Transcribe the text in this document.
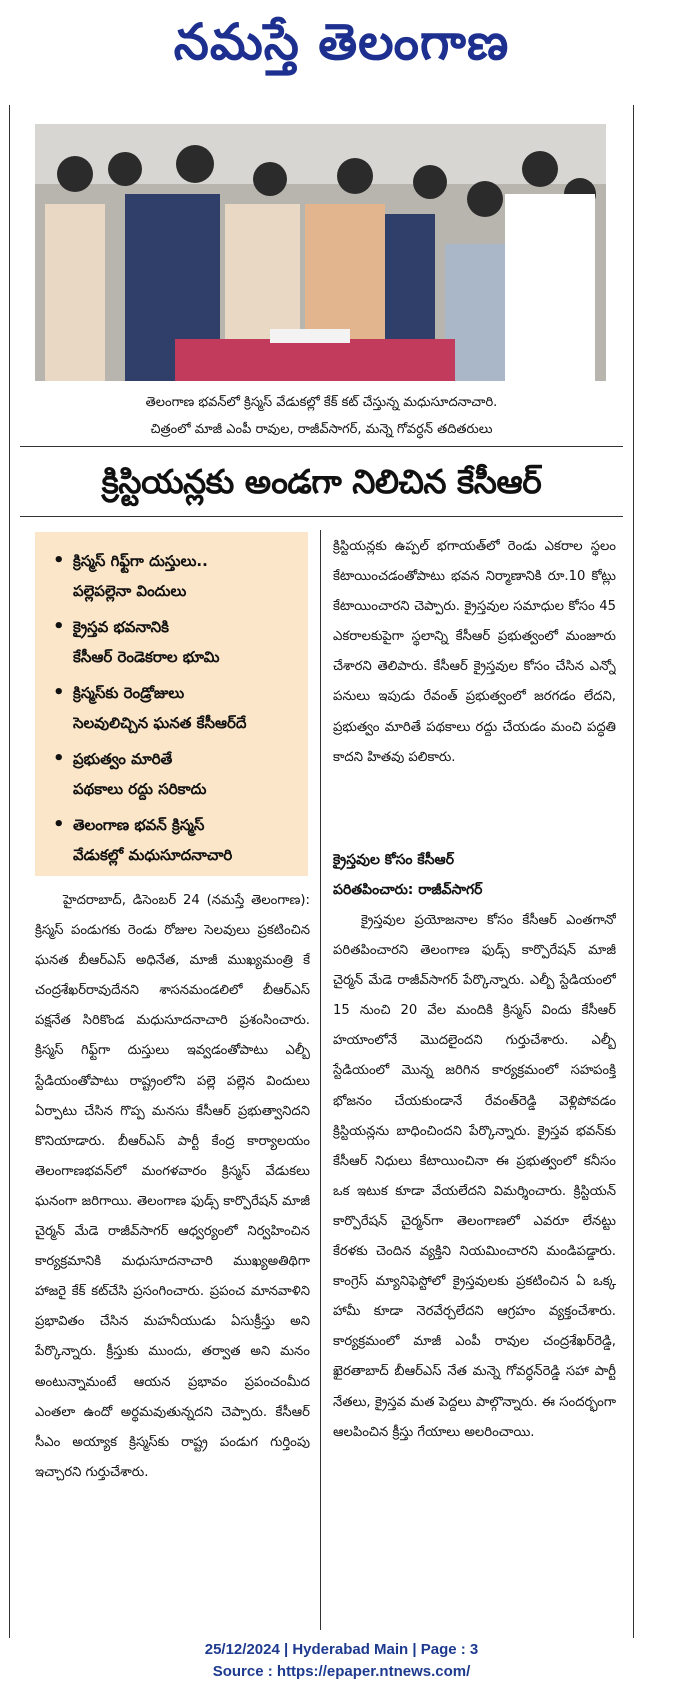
నమస్తే తెలంగాణ
తెలంగాణ భవన్‌లో క్రిస్మస్ వేడుకల్లో కేక్ కట్ చేస్తున్న మధుసూదనాచారి.
చిత్రంలో మాజీ ఎంపీ రావుల, రాజీవ్‌సాగర్, మన్నె గోవర్ధన్ తదితరులు
క్రిస్టియన్లకు అండగా నిలిచిన కేసీఆర్
• క్రిస్మస్ గిఫ్ట్‌గా దుస్తులు..
పల్లెపల్లెనా విందులు
• క్రైస్తవ భవనానికి
కేసీఆర్ రెండెకరాల భూమి
• క్రిస్మస్‌కు రెండ్రోజులు
సెలవులిచ్చిన ఘనత కేసీఆర్‌దే
• ప్రభుత్వం మారితే
పథకాలు రద్దు సరికాదు
• తెలంగాణ భవన్ క్రిస్మస్
వేడుకల్లో మధుసూదనాచారి

హైదరాబాద్, డిసెంబర్ 24 (నమస్తే తెలంగాణ): క్రిస్మస్ పండుగకు రెండు రోజుల సెలవులు ప్రకటించిన ఘనత బీఆర్‌ఎస్ అధినేత, మాజీ ముఖ్యమంత్రి కే చంద్రశేఖర్‌రావుదేనని శాసనమండలిలో బీఆర్‌ఎస్ పక్షనేత సిరికొండ మధుసూదనాచారి ప్రశంసించారు. క్రిస్మస్ గిఫ్ట్‌గా దుస్తులు ఇవ్వడంతోపాటు ఎల్బీ స్టేడియంతోపాటు రాష్ట్రంలోని పల్లె పల్లెన విందులు ఏర్పాటు చేసిన గొప్ప మనసు కేసీఆర్ ప్రభుత్వానిదని కొనియాడారు. బీఆర్‌ఎస్ పార్టీ కేంద్ర కార్యాలయం తెలంగాణభవన్‌లో మంగళవారం క్రిస్మస్ వేడుకలు ఘనంగా జరిగాయి. తెలంగాణ ఫుడ్స్ కార్పొరేషన్ మాజీ చైర్మన్ మేడె రాజీవ్‌సాగర్ ఆధ్వర్యంలో నిర్వహించిన కార్యక్రమానికి మధుసూదనాచారి ముఖ్యఅతిథిగా హాజరై కేక్ కట్‌చేసి ప్రసంగించారు. ప్రపంచ మానవాళిని ప్రభావితం చేసిన మహనీయుడు ఏసుక్రీస్తు అని పేర్కొన్నారు. క్రీస్తుకు ముందు, తర్వాత అని మనం అంటున్నామంటే ఆయన ప్రభావం ప్రపంచంమీద ఎంతలా ఉందో అర్థమవుతున్నదని చెప్పారు. కేసీఆర్ సీఎం అయ్యాక క్రిస్మస్‌కు రాష్ట్ర పండుగ గుర్తింపు ఇచ్చారని గుర్తుచేశారు.

క్రిస్టియన్లకు ఉప్పల్ భగాయత్‌లో రెండు ఎకరాల స్థలం కేటాయించడంతోపాటు భవన నిర్మాణానికి రూ.10 కోట్లు కేటాయించారని చెప్పారు. క్రైస్తవుల సమాధుల కోసం 45 ఎకరాలకుపైగా స్థలాన్ని కేసీఆర్ ప్రభుత్వంలో మంజూరు చేశారని తెలిపారు. కేసీఆర్ క్రైస్తవుల కోసం చేసిన ఎన్నో పనులు ఇపుడు రేవంత్ ప్రభుత్వంలో జరగడం లేదని, ప్రభుత్వం మారితే పథకాలు రద్దు చేయడం మంచి పద్ధతి కాదని హితవు పలికారు.

క్రైస్తవుల కోసం కేసీఆర్
పరితపించారు: రాజీవ్‌సాగర్

క్రైస్తవుల ప్రయోజనాల కోసం కేసీఆర్ ఎంతగానో పరితపించారని తెలంగాణ ఫుడ్స్ కార్పొరేషన్ మాజీ చైర్మన్ మేడె రాజీవ్‌సాగర్ పేర్కొన్నారు. ఎల్బీ స్టేడియంలో 15 నుంచి 20 వేల మందికి క్రిస్మస్ విందు కేసీఆర్ హయాంలోనే మొదలైందని గుర్తుచేశారు. ఎల్బీ స్టేడియంలో మొన్న జరిగిన కార్యక్రమంలో సహపంక్తి భోజనం చేయకుండానే రేవంత్‌రెడ్డి వెళ్లిపోవడం క్రిస్టియన్లను బాధించిందని పేర్కొన్నారు. క్రైస్తవ భవన్‌కు కేసీఆర్ నిధులు కేటాయించినా ఈ ప్రభుత్వంలో కనీసం ఒక ఇటుక కూడా వేయలేదని విమర్శించారు. క్రిస్టియన్ కార్పొరేషన్ చైర్మన్‌గా తెలంగాణలో ఎవరూ లేనట్టు కేరళకు చెందిన వ్యక్తిని నియమించారని మండిపడ్డారు. కాంగ్రెస్ మ్యానిఫెస్టోలో క్రైస్తవులకు ప్రకటించిన ఏ ఒక్క హామీ కూడా నెరవేర్చలేదని ఆగ్రహం వ్యక్తంచేశారు. కార్యక్రమంలో మాజీ ఎంపీ రావుల చంద్రశేఖర్‌రెడ్డి, ఖైరతాబాద్ బీఆర్‌ఎస్ నేత మన్నె గోవర్ధన్‌రెడ్డి సహా పార్టీ నేతలు, క్రైస్తవ మత పెద్దలు పాల్గొన్నారు. ఈ సందర్భంగా ఆలపించిన క్రీస్తు గేయాలు అలరించాయి.

25/12/2024 | Hyderabad Main | Page : 3
Source : https://epaper.ntnews.com/
